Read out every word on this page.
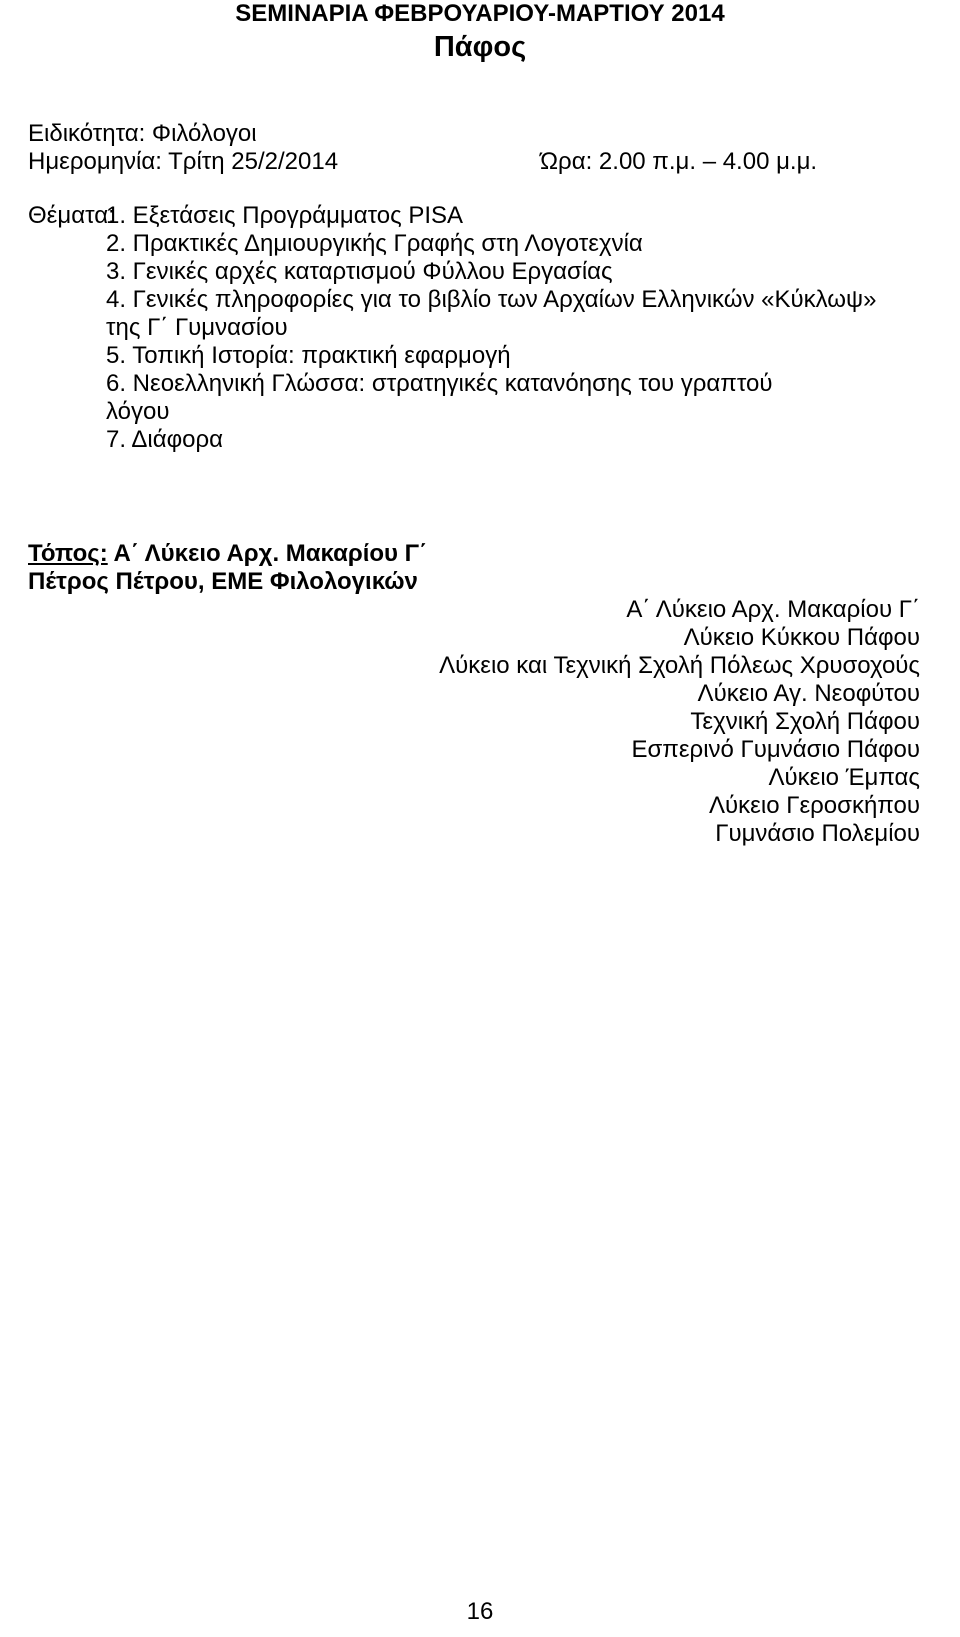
SEMINAPIA ΦΕΒΡΟΥΑΡΙΟΥ-ΜΑΡΤΙΟΥ 2014
Πάφος
Ειδικότητα: Φιλόλογοι
Ημερομηνία: Τρίτη 25/2/2014	Ώρα: 2.00 π.μ. – 4.00 μ.μ.
Θέματα:
1. Εξετάσεις Προγράμματος PISA
2. Πρακτικές Δημιουργικής Γραφής στη Λογοτεχνία
3. Γενικές αρχές καταρτισμού Φύλλου Εργασίας
4. Γενικές πληροφορίες για το βιβλίο των Αρχαίων Ελληνικών «Κύκλωψ»
της Γ΄ Γυμνασίου
5. Τοπική Ιστορία: πρακτική εφαρμογή
6. Νεοελληνική Γλώσσα: στρατηγικές κατανόησης του γραπτού
λόγου
7. Διάφορα
Τόπος: Α΄ Λύκειο Αρχ. Μακαρίου Γ΄
Πέτρος Πέτρου, ΕΜΕ Φιλολογικών
Α΄ Λύκειο Αρχ. Μακαρίου Γ΄
Λύκειο Κύκκου Πάφου
Λύκειο και Τεχνική Σχολή Πόλεως Χρυσοχούς
Λύκειο Αγ. Νεοφύτου
Τεχνική Σχολή Πάφου
Εσπερινό Γυμνάσιο Πάφου
Λύκειο Έμπας
Λύκειο Γεροσκήπου
Γυμνάσιο Πολεμίου
16
